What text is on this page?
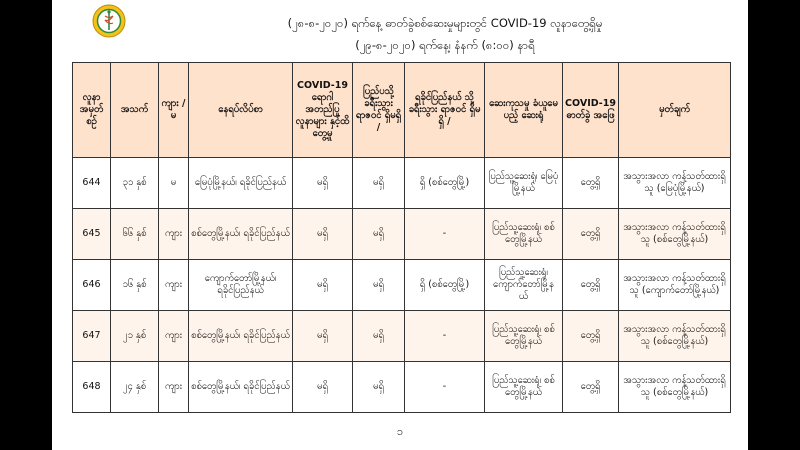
(၂၈-၈-၂၀၂၀) ရက်နေ့ ဓာတ်ခွဲစစ်ဆေးမှုများတွင် COVID-19 လူနာတွေ့ရှိမှု
(၂၉-၈-၂၀၂၀) ရက်နေ့၊ နံနက် (၈:၀၀) နာရီ
လူနာ အမှတ် စဉ်	အသက်	ကျား / မ	နေရပ်လိပ်စာ	COVID-19 ရောဂါ အတည်ပြု လူနာများ နှင့်ထိတွေ့မှု	ပြည်ပသို့ ခရီးသွား ရာဇဝင် ရှိမရှိ /	ရခိုင်ပြည်နယ် သို့ ခရီးသွား ရာဇဝင် ရှိမရှိ /	ဆေးကုသမှု ခံယူမေပည့် ဆေးရုံ	COVID-19 ဓာတ်ခွဲ အဖြေ	မှတ်ချက်
644	၃၁ နှစ်	မ	မြေပုံမြို့နယ်၊ ရခိုင်ပြည်နယ်	မရှိ	မရှိ	ရှိ (စစ်တွေမြို့)	ပြည်သူ့ဆေးရုံ၊ မြေပုံမြို့နယ်	တွေ့ရှိ	အသွားအလာ ကန့်သတ်ထားရှိသူ (မြေပုံမြို့နယ်)
645	၆၆ နှစ်	ကျား	စစ်တွေမြို့နယ်၊ ရခိုင်ပြည်နယ်	မရှိ	မရှိ	-	ပြည်သူ့ဆေးရုံ၊ စစ်တွေမြို့နယ်	တွေ့ရှိ	အသွားအလာ ကန့်သတ်ထားရှိသူ (စစ်တွေမြို့နယ်)
646	၁၆ နှစ်	ကျား	ကျောက်တော်မြို့နယ်၊ ရခိုင်ပြည်နယ်	မရှိ	မရှိ	ရှိ (စစ်တွေမြို့)	ပြည်သူ့ဆေးရုံ၊ ကျောက်တော်မြို့န ယ်	တွေ့ရှိ	အသွားအလာ ကန့်သတ်ထားရှိသူ (ကျောက်တော်မြို့နယ်)
647	၂၁ နှစ်	ကျား	စစ်တွေမြို့နယ်၊ ရခိုင်ပြည်နယ်	မရှိ	မရှိ	-	ပြည်သူ့ဆေးရုံ၊ စစ်တွေမြို့နယ်	တွေ့ရှိ	အသွားအလာ ကန့်သတ်ထားရှိသူ (စစ်တွေမြို့နယ်)
648	၂၄ နှစ်	ကျား	စစ်တွေမြို့နယ်၊ ရခိုင်ပြည်နယ်	မရှိ	မရှိ	-	ပြည်သူ့ဆေးရုံ၊ စစ်တွေမြို့နယ်	တွေ့ရှိ	အသွားအလာ ကန့်သတ်ထားရှိသူ (စစ်တွေမြို့နယ်)
၁
